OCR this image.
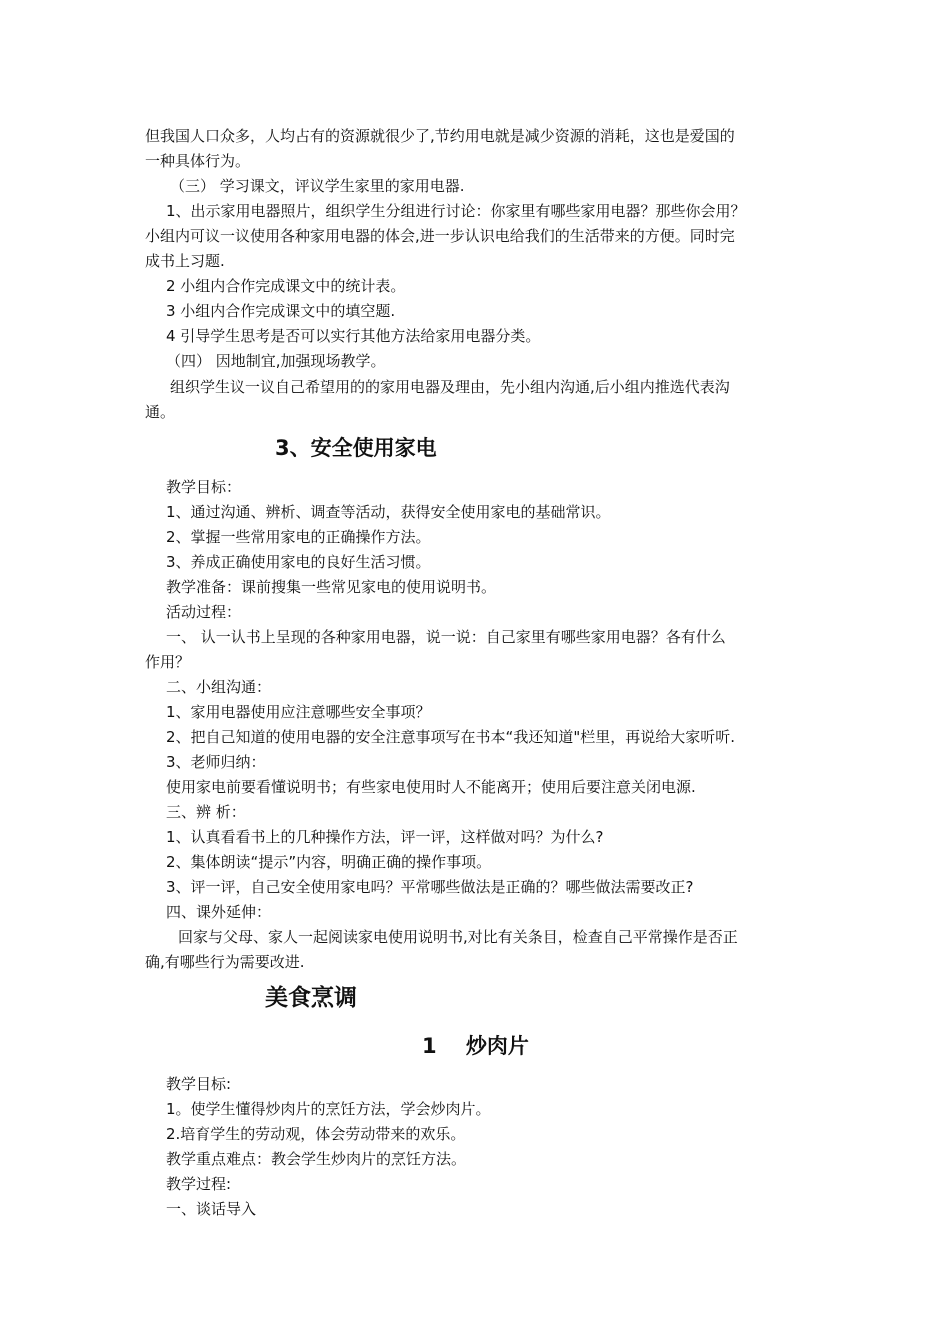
但我国人口众多，人均占有的资源就很少了,节约用电就是减少资源的消耗，这也是爱国的
一种具体行为。
（三） 学习课文，评议学生家里的家用电器.
1、出示家用电器照片，组织学生分组进行讨论：你家里有哪些家用电器？那些你会用？
小组内可议一议使用各种家用电器的体会,进一步认识电给我们的生活带来的方便。同时完
成书上习题.
2 小组内合作完成课文中的统计表。
3 小组内合作完成课文中的填空题.
4 引导学生思考是否可以实行其他方法给家用电器分类。
（四） 因地制宜,加强现场教学。
组织学生议一议自己希望用的的家用电器及理由，先小组内沟通,后小组内推选代表沟
通。
3、安全使用家电
教学目标：
1、通过沟通、辨析、调查等活动，获得安全使用家电的基础常识。
2、掌握一些常用家电的正确操作方法。
3、养成正确使用家电的良好生活习惯。
教学准备：课前搜集一些常见家电的使用说明书。
活动过程：
一、 认一认书上呈现的各种家用电器，说一说：自己家里有哪些家用电器？各有什么
作用？
二、小组沟通：
1、家用电器使用应注意哪些安全事项？
2、把自己知道的使用电器的安全注意事项写在书本“我还知道"栏里，再说给大家听听.
3、老师归纳：
使用家电前要看懂说明书；有些家电使用时人不能离开；使用后要注意关闭电源.
三、辨 析：
1、认真看看书上的几种操作方法，评一评，这样做对吗？为什么?
2、集体朗读“提示”内容，明确正确的操作事项。
3、评一评，自己安全使用家电吗？平常哪些做法是正确的？哪些做法需要改正?
四、课外延伸：
回家与父母、家人一起阅读家电使用说明书,对比有关条目，检查自己平常操作是否正
确,有哪些行为需要改进.
美食烹调
1    炒肉片
教学目标:
1。使学生懂得炒肉片的烹饪方法，学会炒肉片。
2.培育学生的劳动观，体会劳动带来的欢乐。
教学重点难点：教会学生炒肉片的烹饪方法。
教学过程:
一、谈话导入
